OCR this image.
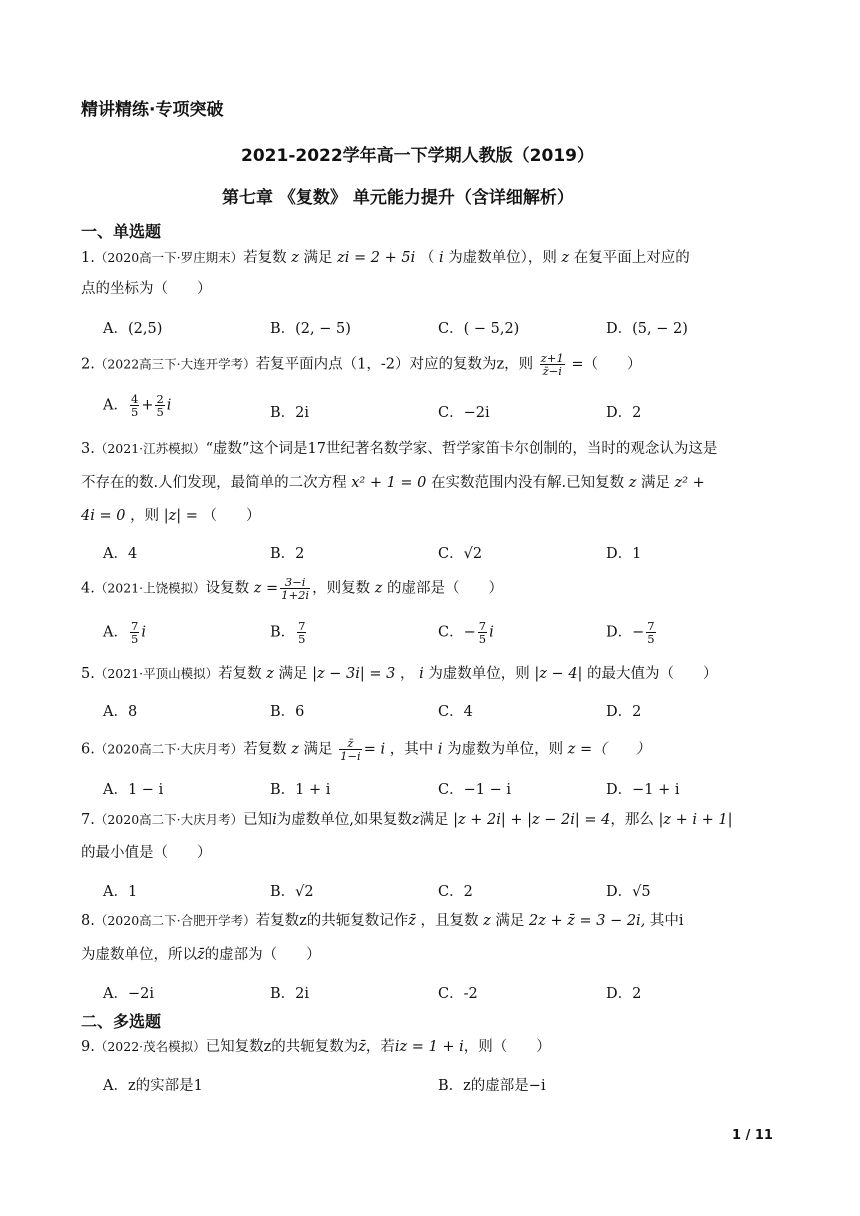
精讲精练·专项突破
2021-2022学年高一下学期人教版（2019）
第七章 《复数》 单元能力提升（含详细解析）
一、单选题
1.（2020高一下·罗庄期末）若复数 z 满足 zi = 2 + 5i （ i 为虚数单位），则 z 在复平面上对应的
点的坐标为（　　）
A．(2,5)	B．(2, − 5)	C．( − 5,2)	D．(5, − 2)
2.（2022高三下·大连开学考）若复平面内点（1，-2）对应的复数为z，则 $\frac{z+1}{z̄-i}$ =（　　）
A． $\frac{4}{5} + \frac{2}{5}$ i	B．2i	C．−2i	D．2
3.（2021·江苏模拟）“虚数”这个词是17世纪著名数学家、哲学家笛卡尔创制的，当时的观念认为这是
不存在的数.人们发现，最简单的二次方程 x² + 1 = 0 在实数范围内没有解.已知复数 z 满足 z² +
4i = 0 ，则 |z| = （　　）
A．4	B．2	C．√2	D．1
4.（2021·上饶模拟）设复数 $z = \frac{3-i}{1+2i}$ ，则复数 z 的虚部是（　　）
A． $\frac{7}{5}$ i	B． $\frac{7}{5}$	C．− $\frac{7}{5}$ i	D．− $\frac{7}{5}$
5.（2021·平顶山模拟）若复数 z 满足 |z − 3i| = 3 ， i 为虚数单位，则 |z − 4| 的最大值为（　　）
A．8	B．6	C．4	D．2
6.（2020高二下·大庆月考）若复数 z 满足 $\frac{z̄}{1-i} = i$ ，其中 i 为虚数为单位，则 z =（　　）
A．1 − i	B．1 + i	C．−1 − i	D．−1 + i
7.（2020高二下·大庆月考）已知i为虚数单位,如果复数z满足 |z + 2i| + |z − 2i| = 4，那么 |z + i + 1|
的最小值是（　　）
A．1	B．√2	C．2	D．√5
8.（2020高二下·合肥开学考）若复数z的共轭复数记作z̄ ，且复数 z 满足 2z + z̄ = 3 − 2i, 其中i
为虚数单位，所以z̄的虚部为（　　）
A．−2i	B．2i	C．-2	D．2
二、多选题
9.（2022·茂名模拟）已知复数z的共轭复数为z̄，若iz = 1 + i，则（　　）
A．z的实部是1	B．z的虚部是−i
1 / 11
